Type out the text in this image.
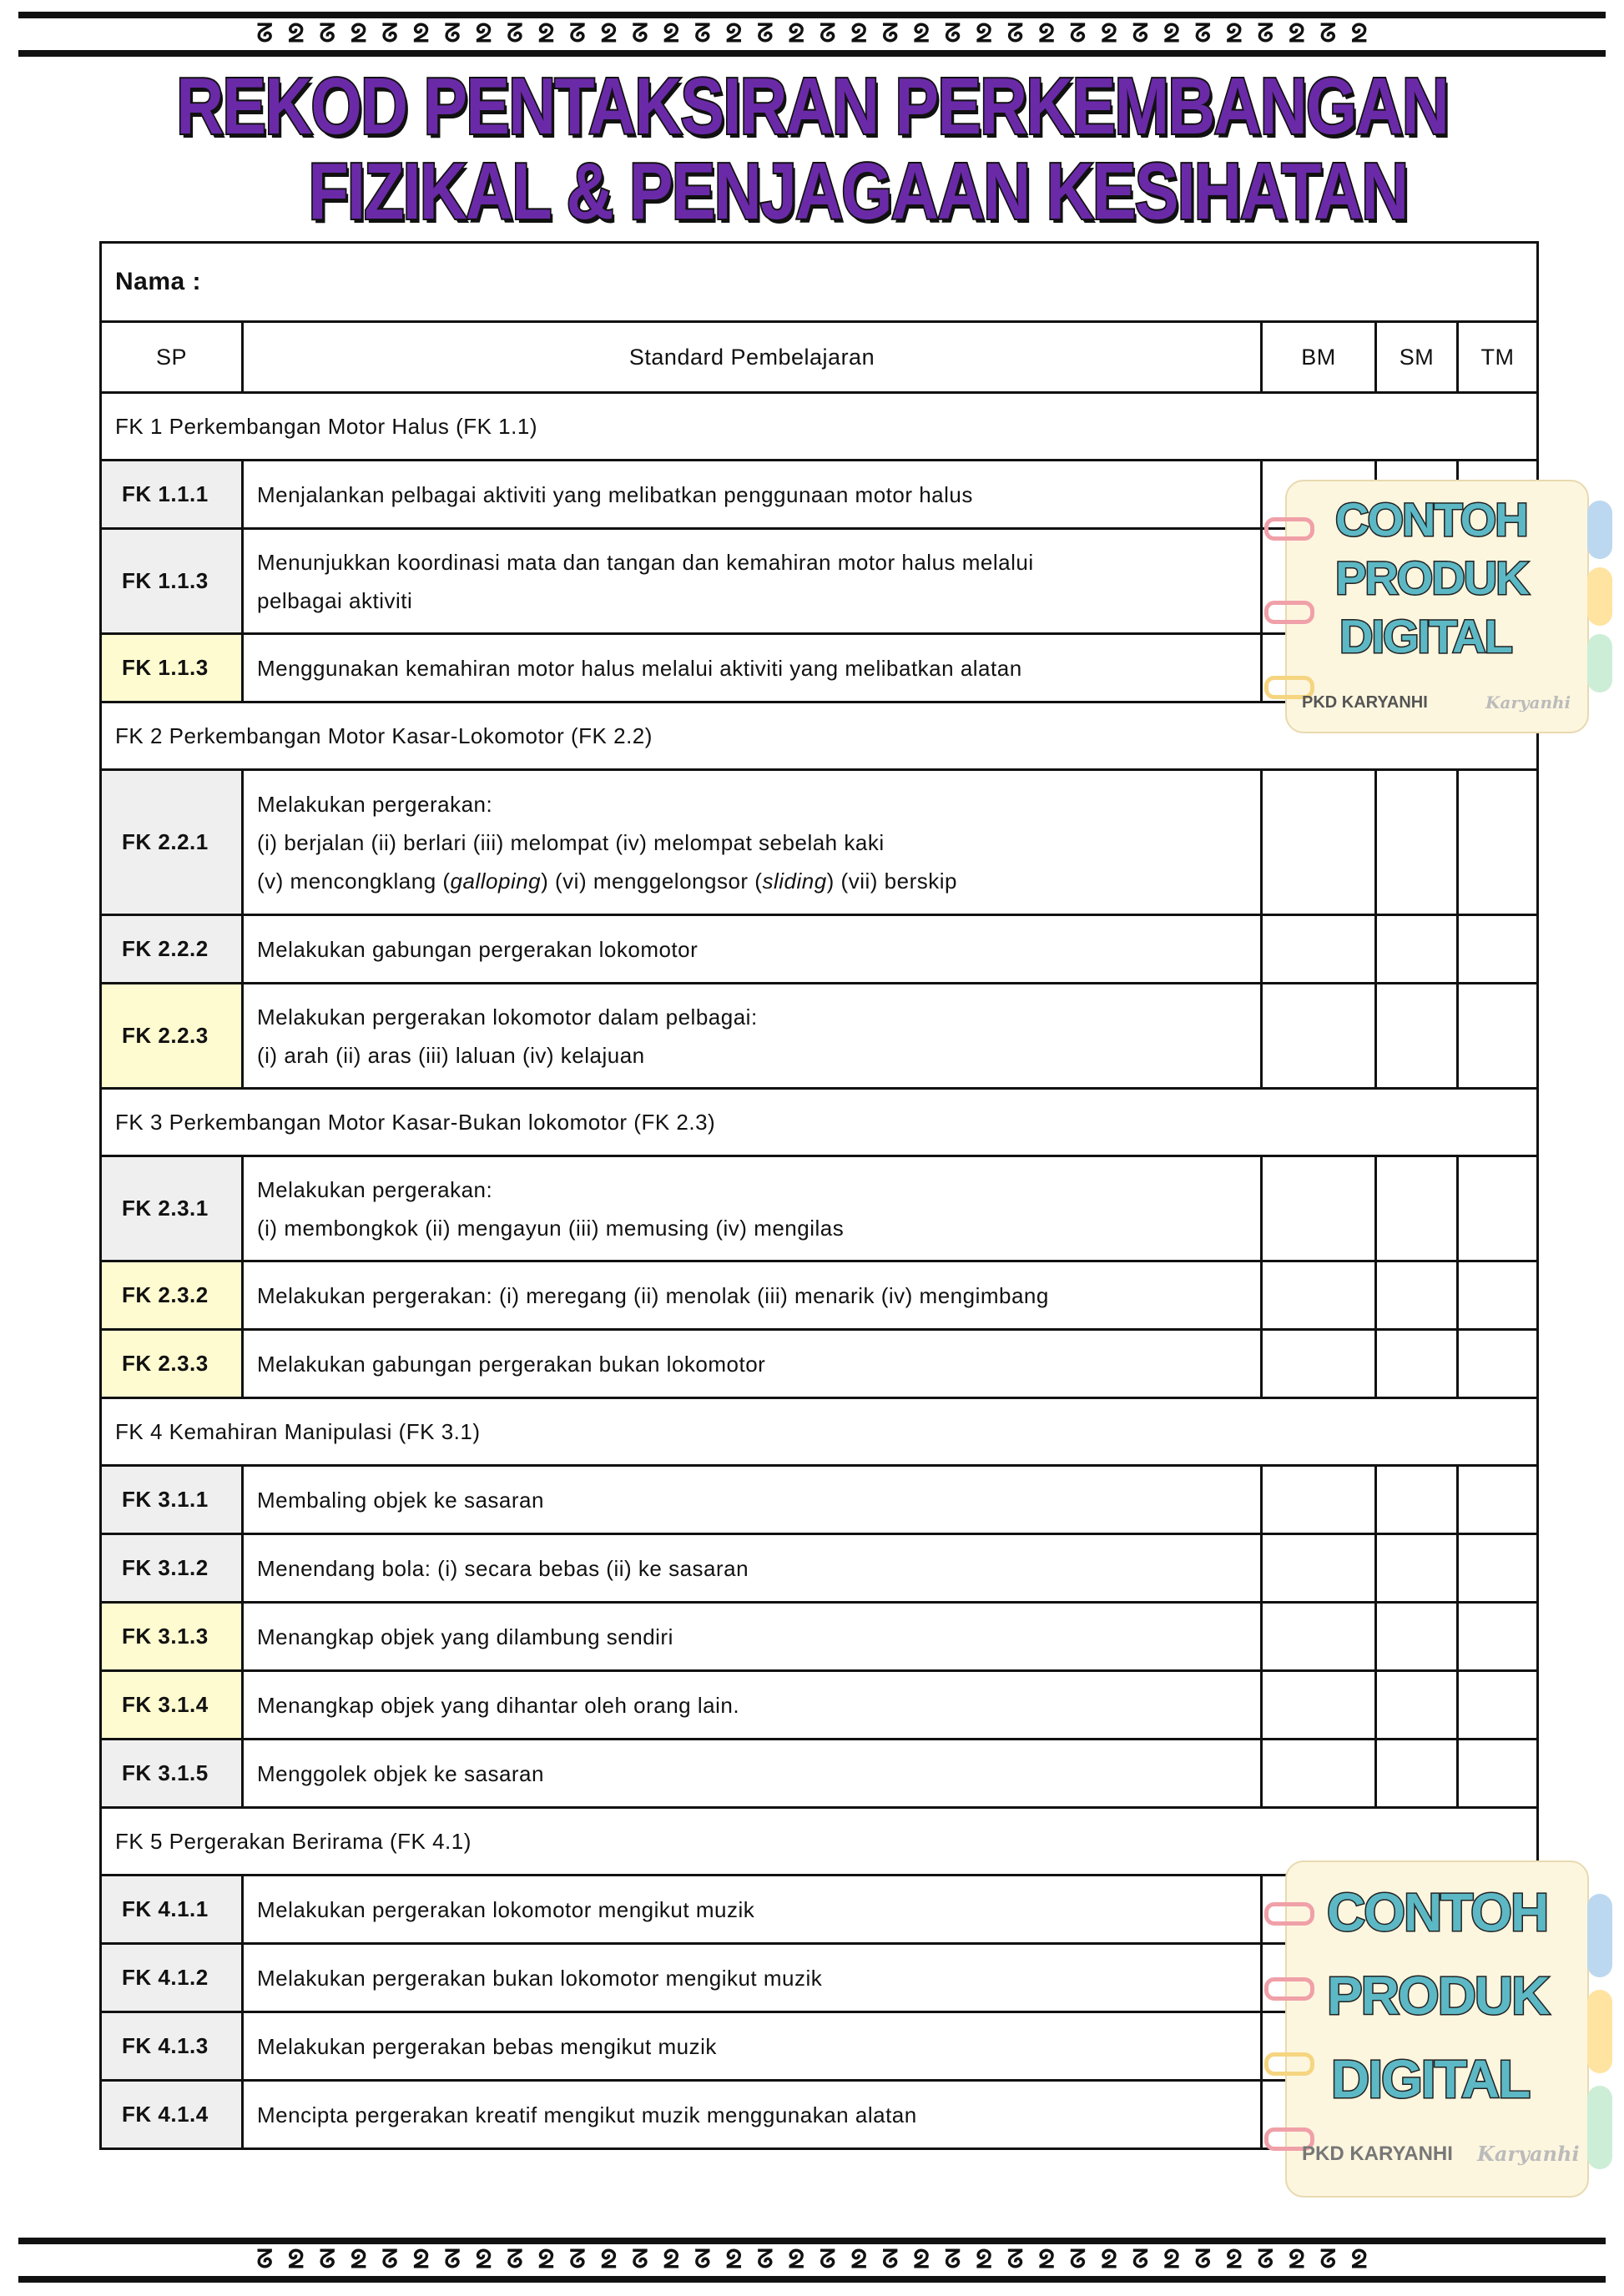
ᘔ ᘖ ᘔ ᘖ ᘔ ᘖ ᘔ ᘖ ᘔ ᘖ ᘔ ᘖ ᘔ ᘖ ᘔ ᘖ ᘔ ᘖ ᘔ ᘖ ᘔ ᘖ ᘔ ᘖ ᘔ ᘖ ᘔ ᘖ ᘔ ᘖ ᘔ ᘖ ᘔ ᘖ ᘔ ᘖ
ᘔ ᘖ ᘔ ᘖ ᘔ ᘖ ᘔ ᘖ ᘔ ᘖ ᘔ ᘖ ᘔ ᘖ ᘔ ᘖ ᘔ ᘖ ᘔ ᘖ ᘔ ᘖ ᘔ ᘖ ᘔ ᘖ ᘔ ᘖ ᘔ ᘖ ᘔ ᘖ ᘔ ᘖ ᘔ ᘖ
REKOD PENTAKSIRAN PERKEMBANGAN
FIZIKAL & PENJAGAAN KESIHATAN
Nama :				
SP	Standard Pembelajaran	BM	SM	TM
FK 1 Perkembangan Motor Halus (FK 1.1)				
FK 1.1.1	Menjalankan pelbagai aktiviti yang melibatkan penggunaan motor halus			

FK 1.1.3	Menunjukkan koordinasi mata dan tangan dan kemahiran motor halus melalui
pelbagai aktiviti			

FK 1.1.3	Menggunakan kemahiran motor halus melalui aktiviti yang melibatkan alatan			

FK 2 Perkembangan Motor Kasar-Lokomotor (FK 2.2)				
FK 2.2.1	Melakukan pergerakan:
(i) berjalan (ii) berlari (iii) melompat (iv) melompat sebelah kaki
(v) mencongklang (galloping) (vi) menggelongsor (sliding) (vii) berskip			

FK 2.2.2	Melakukan gabungan pergerakan lokomotor			

FK 2.2.3	Melakukan pergerakan lokomotor dalam pelbagai:
(i) arah (ii) aras (iii) laluan (iv) kelajuan			

FK 3 Perkembangan Motor Kasar-Bukan lokomotor (FK 2.3)				
FK 2.3.1	Melakukan pergerakan:
(i) membongkok (ii) mengayun (iii) memusing (iv) mengilas			

FK 2.3.2	Melakukan pergerakan: (i) meregang (ii) menolak (iii) menarik (iv) mengimbang			

FK 2.3.3	Melakukan gabungan pergerakan bukan lokomotor			

FK 4 Kemahiran Manipulasi (FK 3.1)				
FK 3.1.1	Membaling objek ke sasaran			

FK 3.1.2	Menendang bola: (i) secara bebas (ii) ke sasaran			

FK 3.1.3	Menangkap objek yang dilambung sendiri			

FK 3.1.4	Menangkap objek yang dihantar oleh orang lain.			

FK 3.1.5	Menggolek objek ke sasaran			

FK 5 Pergerakan Berirama (FK 4.1)				
FK 4.1.1	Melakukan pergerakan lokomotor mengikut muzik			

FK 4.1.2	Melakukan pergerakan bukan lokomotor mengikut muzik			

FK 4.1.3	Melakukan pergerakan bebas mengikut muzik			

FK 4.1.4	Mencipta pergerakan kreatif mengikut muzik menggunakan alatan			

CONTOH
PRODUK
DIGITAL
PKD KARYANHI	Karyanhi
CONTOH
PRODUK
DIGITAL
PKD KARYANHI Karyanhi
